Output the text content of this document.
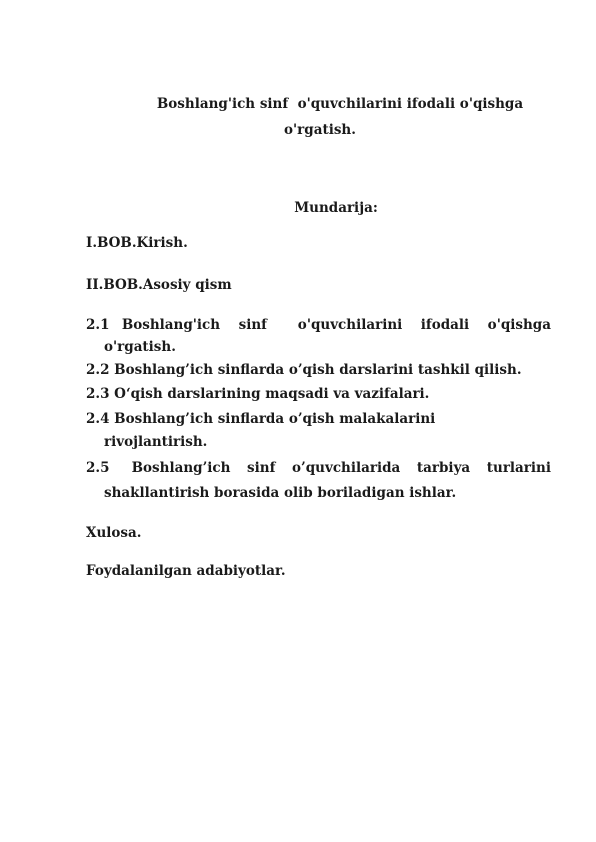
Boshlang'ich sinf  o'quvchilarini ifodali o'qishga
o'rgatish.
Mundarija:
I.BOB.Kirish.
II.BOB.Asosiy qism
2.1  Boshlang'ich   sinf     o'quvchilarini   ifodali   o'qishga
o'rgatish.
2.2 Boshlang’ich sinflarda o’qish darslarini tashkil qilish.
2.3 O‘qish darslarining maqsadi va vazifalari.
2.4 Boshlang’ich sinflarda o’qish malakalarini
rivojlantirish.
2.5    Boshlang’ich   sinf   o’quvchilarida   tarbiya   turlarini
shakllantirish borasida olib boriladigan ishlar.
Xulosa.
Foydalanilgan adabiyotlar.
